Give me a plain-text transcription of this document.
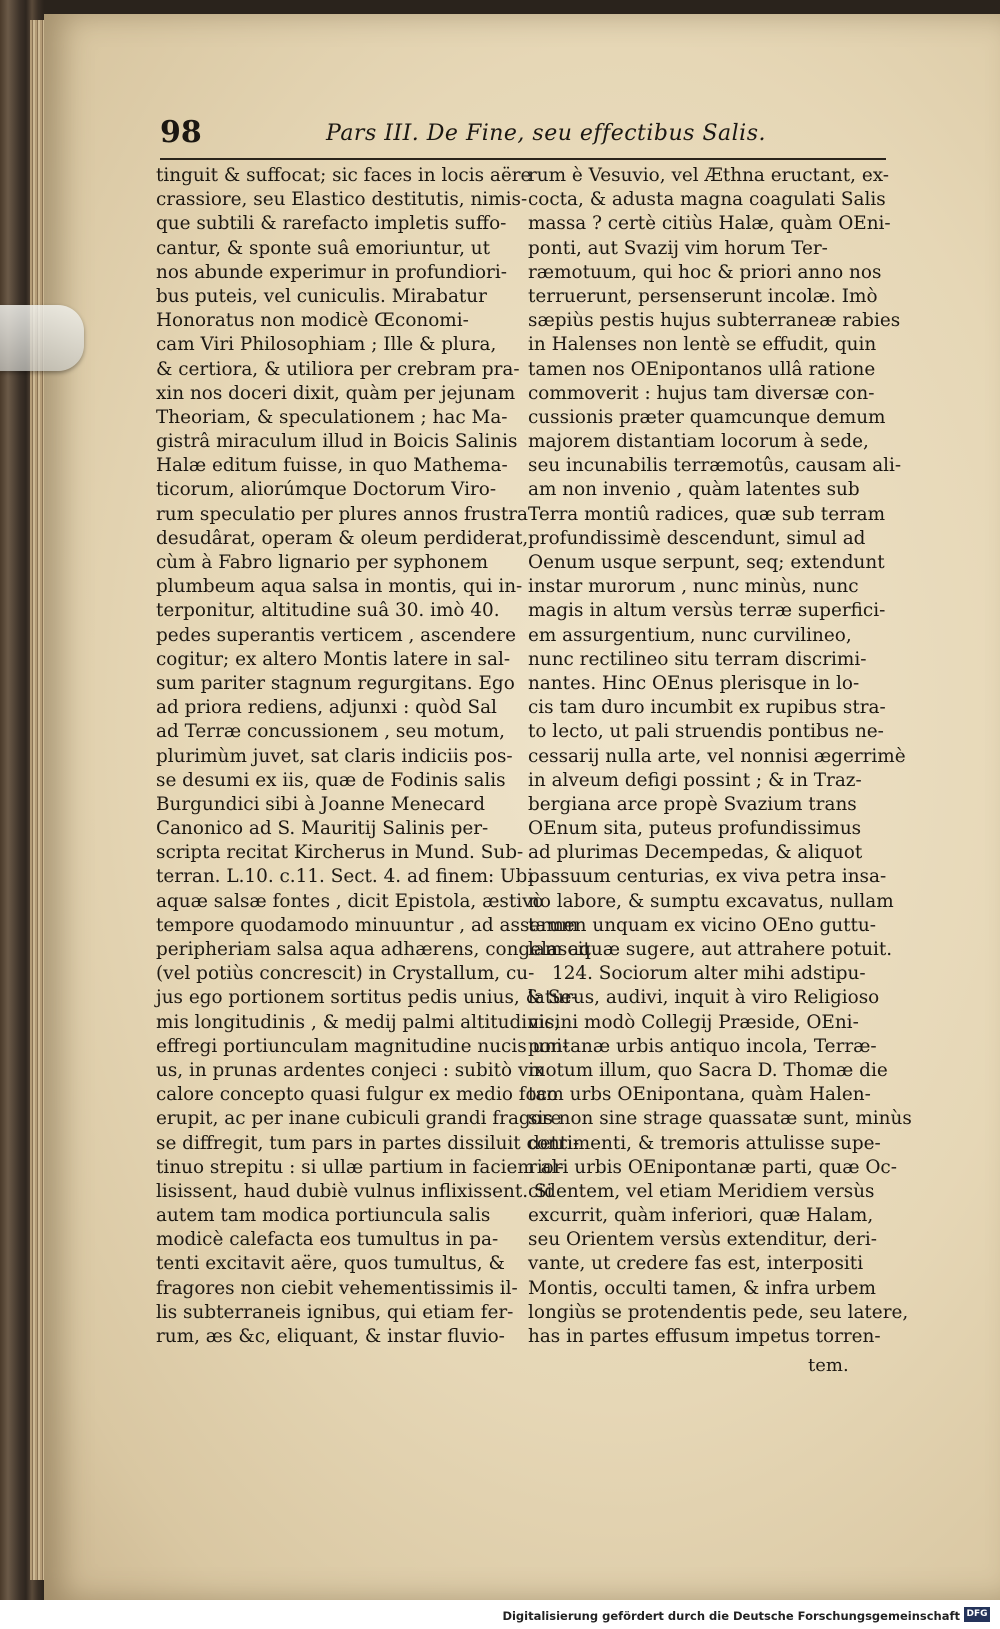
98	Pars III. De Fine, seu effectibus Salis.
tinguit & suffocat; sic faces in locis aëre
crassiore, seu Elastico destitutis, nimis-
que subtili & rarefacto impletis suffo-
cantur, & sponte suâ emoriuntur, ut
nos abunde experimur in profundiori-
bus puteis, vel cuniculis. Mirabatur
Honoratus non modicè Œconomi-
cam Viri Philosophiam ; Ille & plura,
& certiora, & utiliora per crebram pra-
xin nos doceri dixit, quàm per jejunam
Theoriam, & speculationem ; hac Ma-
gistrâ miraculum illud in Boicis Salinis
Halæ editum fuisse, in quo Mathema-
ticorum, aliorúmque Doctorum Viro-
rum speculatio per plures annos frustra
desudârat, operam & oleum perdiderat,
cùm à Fabro lignario per syphonem
plumbeum aqua salsa in montis, qui in-
terponitur, altitudine suâ 30. imò 40.
pedes superantis verticem , ascendere
cogitur; ex altero Montis latere in sal-
sum pariter stagnum regurgitans. Ego
ad priora rediens, adjunxi : quòd Sal
ad Terræ concussionem , seu motum,
plurimùm juvet, sat claris indiciis pos-
se desumi ex iis, quæ de Fodinis salis
Burgundici sibi à Joanne Menecard
Canonico ad S. Mauritij Salinis per-
scripta recitat Kircherus in Mund. Sub-
terran. L.10. c.11. Sect. 4. ad finem: Ubi
aquæ salsæ fontes , dicit Epistola, æstivò
tempore quodamodo minuuntur , ad asserum
peripheriam salsa aqua adhærens, congelascit
(vel potiùs concrescit) in Crystallum, cu-
jus ego portionem sortitus pedis unius, & Se-
mis longitudinis , & medij palmi altitudinis,
effregi portiunculam magnitudine nucis uni-
us, in prunas ardentes conjeci : subitò vix
calore concepto quasi fulgur ex medio foco
erupit, ac per inane cubiculi grandi fragore
se diffregit, tum pars in partes dissiluit conti-
tinuo strepitu : si ullæ partium in faciem al-
lisissent, haud dubiè vulnus inflixissent. Si
autem tam modica portiuncula salis
modicè calefacta eos tumultus in pa-
tenti excitavit aëre, quos tumultus, &
fragores non ciebit vehementissimis il-
lis subterraneis ignibus, qui etiam fer-
rum, æs &c, eliquant, & instar fluvio-
rum è Vesuvio, vel Æthna eructant, ex-
cocta, & adusta magna coagulati Salis
massa ? certè citiùs Halæ, quàm OEni-
ponti, aut Svazij vim horum Ter-
ræmotuum, qui hoc & priori anno nos
terruerunt, persenserunt incolæ. Imò
sæpiùs pestis hujus subterraneæ rabies
in Halenses non lentè se effudit, quin
tamen nos OEnipontanos ullâ ratione
commoverit : hujus tam diversæ con-
cussionis præter quamcunque demum
majorem distantiam locorum à sede,
seu incunabilis terræmotûs, causam ali-
am non invenio , quàm latentes sub
Terra montiû radices, quæ sub terram
profundissimè descendunt, simul ad
Oenum usque serpunt, seq; extendunt
instar murorum , nunc minùs, nunc
magis in altum versùs terræ superfici-
em assurgentium, nunc curvilineo,
nunc rectilineo situ terram discrimi-
nantes. Hinc OEnus plerisque in lo-
cis tam duro incumbit ex rupibus stra-
to lecto, ut pali struendis pontibus ne-
cessarij nulla arte, vel nonnisi ægerrimè
in alveum defigi possint ; & in Traz-
bergiana arce propè Svazium trans
OEnum sita, puteus profundissimus
ad plurimas Decempedas, & aliquot
passuum centurias, ex viva petra insa-
no labore, & sumptu excavatus, nullam
tamen unquam ex vicino OEno guttu-
lam aquæ sugere, aut attrahere potuit.
124. Sociorum alter mihi adstipu-
laturus, audivi, inquit à viro Religioso
vicini modò Collegij Præside, OEni-
pontanæ urbis antiquo incola, Terræ-
motum illum, quo Sacra D. Thomæ die
tam urbs OEnipontana, quàm Halen-
sis non sine strage quassatæ sunt, minùs
detrimenti, & tremoris attulisse supe-
riori urbis OEnipontanæ parti, quæ Oc-
cidentem, vel etiam Meridiem versùs
excurrit, quàm inferiori, quæ Halam,
seu Orientem versùs extenditur, deri-
vante, ut credere fas est, interpositi
Montis, occulti tamen, & infra urbem
longiùs se protendentis pede, seu latere,
has in partes effusum impetus torren-
tem.
Digitalisierung gefördert durch die Deutsche Forschungsgemeinschaft DFG
